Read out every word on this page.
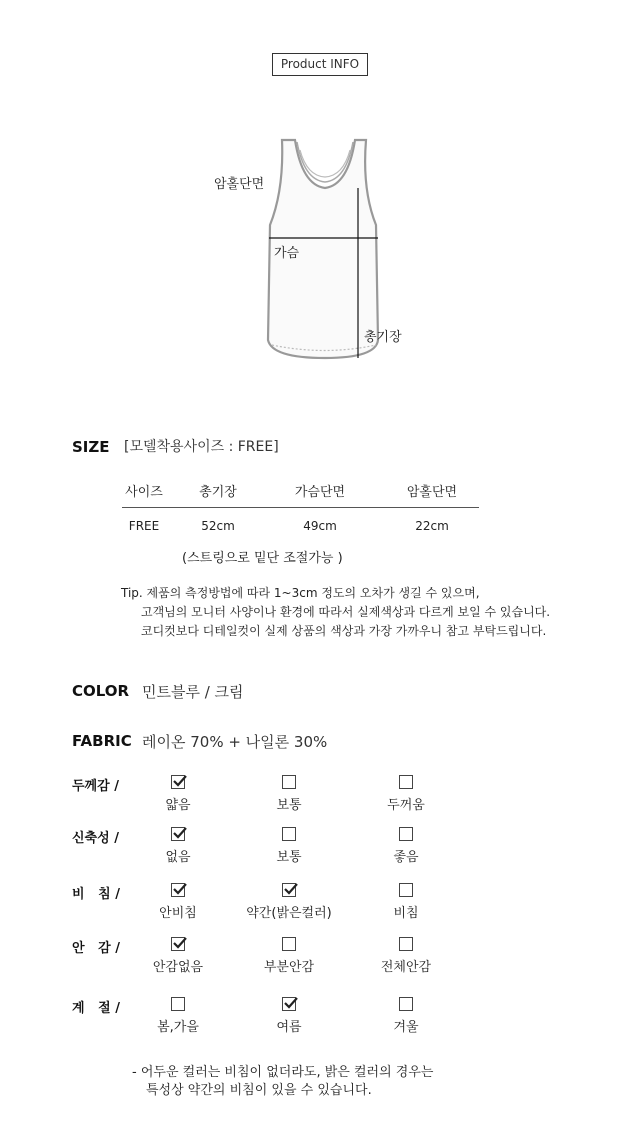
Product INFO
암홀단면
가슴
총기장
SIZE [모델착용사이즈 : FREE]
사이즈	총기장	가슴단면	암홀단면
FREE	52cm	49cm	22cm
(스트링으로 밑단 조절가능 )
Tip. 제품의 측정방법에 따라 1~3cm 정도의 오차가 생길 수 있으며,
고객님의 모니터 사양이나 환경에 따라서 실제색상과 다르게 보일 수 있습니다.
코디컷보다 디테일컷이 실제 상품의 색상과 가장 가까우니 참고 부탁드립니다.
COLOR 민트블루 / 크림
FABRIC 레이온 70% + 나일론 30%
두께감 /
얇음	보통	두꺼움
신축성 /
없음	보통	좋음
비   침 /
안비침	약간(밝은컬러)	비침
안   감 /
안감없음	부분안감	전체안감
계   절 /
봄,가을	여름	겨울
- 어두운 컬러는 비침이 없더라도, 밝은 컬러의 경우는
특성상 약간의 비침이 있을 수 있습니다.
